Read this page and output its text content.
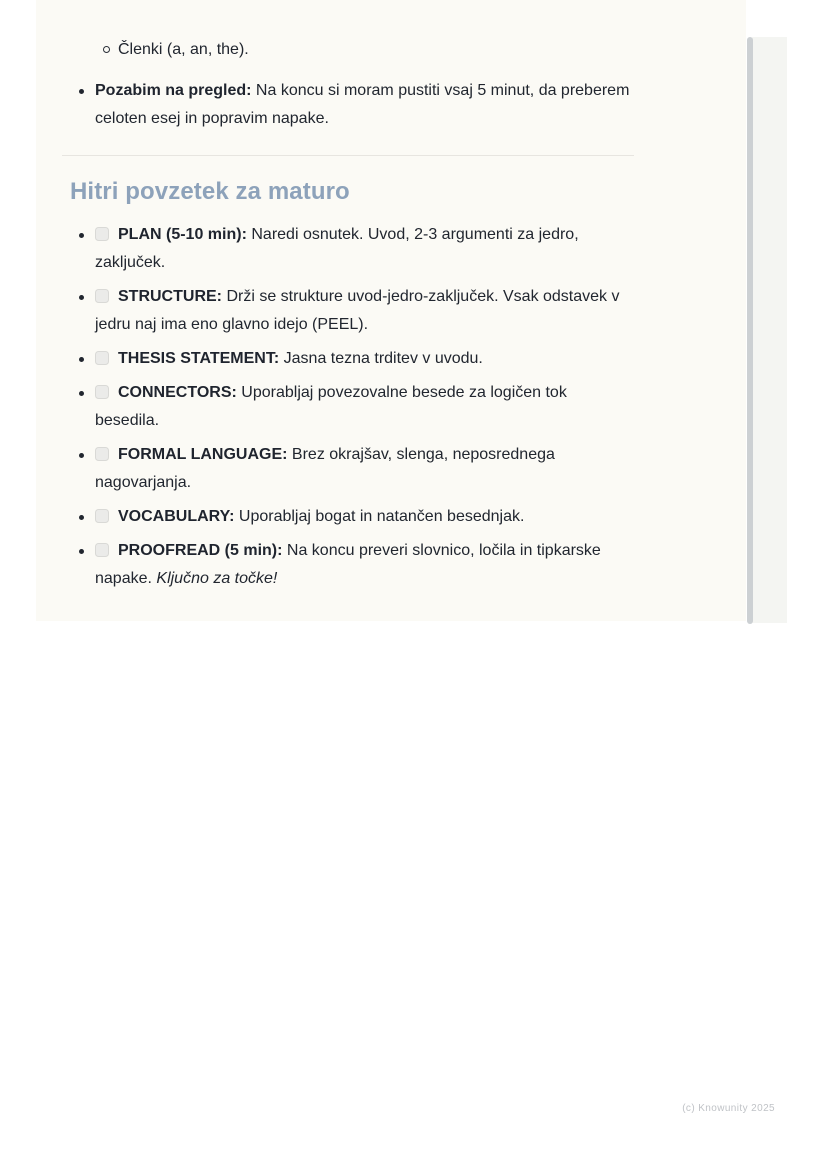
Členki (a, an, the).
Pozabim na pregled: Na koncu si moram pustiti vsaj 5 minut, da preberem celoten esej in popravim napake.
Hitri povzetek za maturo
PLAN (5-10 min): Naredi osnutek. Uvod, 2-3 argumenti za jedro, zaključek.
STRUCTURE: Drži se strukture uvod-jedro-zaključek. Vsak odstavek v jedru naj ima eno glavno idejo (PEEL).
THESIS STATEMENT: Jasna tezna trditev v uvodu.
CONNECTORS: Uporabljaj povezovalne besede za logičen tok besedila.
FORMAL LANGUAGE: Brez okrajšav, slenga, neposrednega nagovarjanja.
VOCABULARY: Uporabljaj bogat in natančen besednjak.
PROOFREAD (5 min): Na koncu preveri slovnico, ločila in tipkarske napake. Ključno za točke!
(c) Knowunity 2025
